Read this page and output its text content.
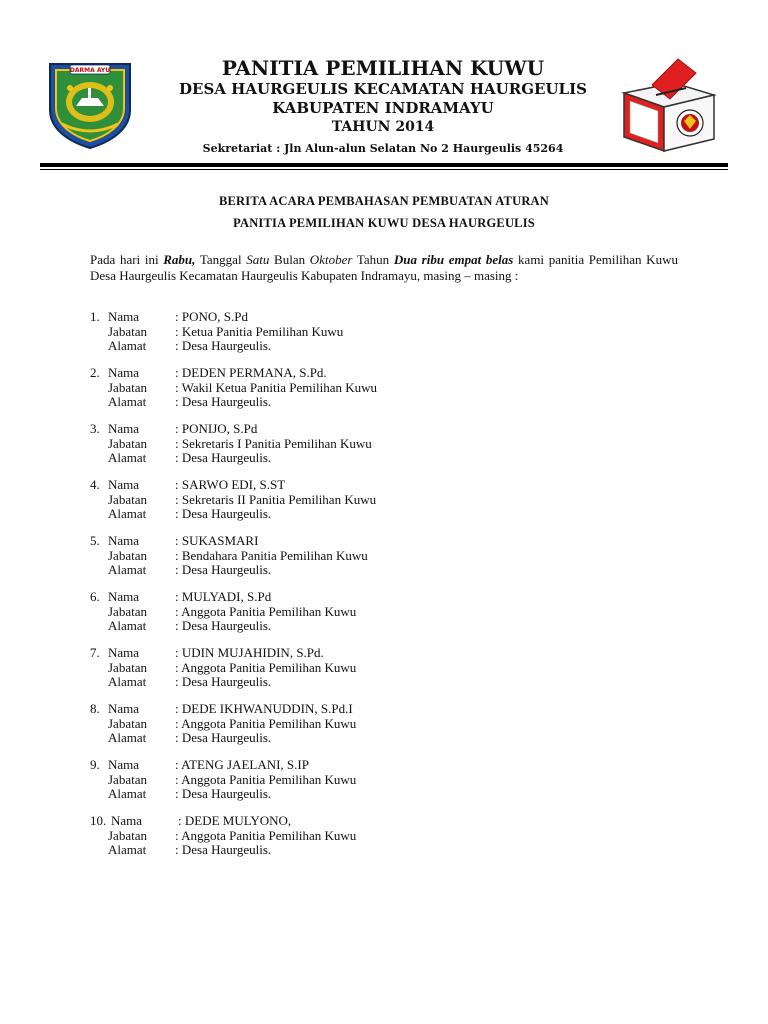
DARMA AYU	PANITIA PEMILIHAN KUWU
DESA HAURGEULIS KECAMATAN HAURGEULIS
KABUPATEN INDRAMAYU
TAHUN 2014
Sekretariat : Jln Alun-alun Selatan No 2 Haurgeulis 45264
BERITA ACARA PEMBAHASAN PEMBUATAN ATURAN
PANITIA PEMILIHAN KUWU DESA HAURGEULIS
Pada hari ini Rabu, Tanggal Satu Bulan Oktober Tahun Dua ribu empat belas kami panitia Pemilihan Kuwu Desa Haurgeulis Kecamatan Haurgeulis Kabupaten Indramayu, masing – masing :
1. Nama	: PONO, S.Pd
Jabatan	: Ketua Panitia Pemilihan Kuwu
Alamat	: Desa Haurgeulis.
2. Nama	: DEDEN PERMANA, S.Pd.
Jabatan	: Wakil Ketua Panitia Pemilihan Kuwu
Alamat	: Desa Haurgeulis.
3. Nama	: PONIJO, S.Pd
Jabatan	: Sekretaris I Panitia Pemilihan Kuwu
Alamat	: Desa Haurgeulis.
4. Nama	: SARWO EDI, S.ST
Jabatan	: Sekretaris II Panitia Pemilihan Kuwu
Alamat	: Desa Haurgeulis.
5. Nama	: SUKASMARI
Jabatan	: Bendahara Panitia Pemilihan Kuwu
Alamat	: Desa Haurgeulis.
6. Nama	: MULYADI, S.Pd
Jabatan	: Anggota Panitia Pemilihan Kuwu
Alamat	: Desa Haurgeulis.
7. Nama	: UDIN MUJAHIDIN, S.Pd.
Jabatan	: Anggota Panitia Pemilihan Kuwu
Alamat	: Desa Haurgeulis.
8. Nama	: DEDE IKHWANUDDIN, S.Pd.I
Jabatan	: Anggota Panitia Pemilihan Kuwu
Alamat	: Desa Haurgeulis.
9. Nama	: ATENG JAELANI, S.IP
Jabatan	: Anggota Panitia Pemilihan Kuwu
Alamat	: Desa Haurgeulis.
10. Nama	: DEDE MULYONO,
Jabatan	: Anggota Panitia Pemilihan Kuwu
Alamat	: Desa Haurgeulis.
